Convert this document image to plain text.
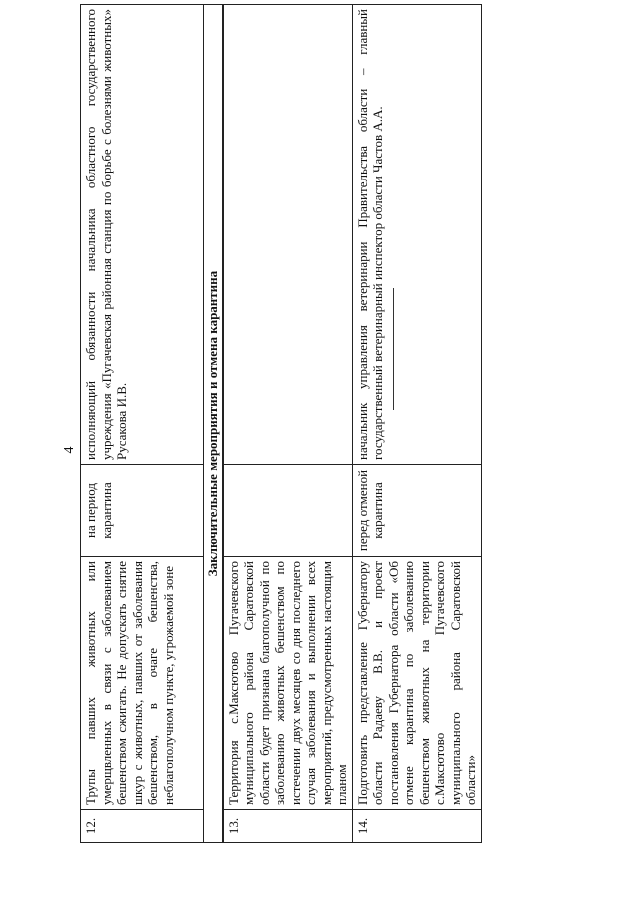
4
12.	Трупы павших животных или умерщвленных в связи с заболеванием бешенством сжигать. Не допускать снятие шкур с животных, павших от заболевания бешенством, в очаге бешенства, неблагополучном пункте, угрожаемой зоне	на период карантина	исполняющий обязанности начальника областного государственного учреждения «Пугачевская районная станция по борьбе с болезнями животных» Русакова И.В.
Заключительные мероприятия и отмена карантина			
13.	Территория с.Максютово Пугачевского муниципального района Саратовской области будет признана благополучной по заболеванию животных бешенством по истечении двух месяцев со дня последнего случая заболевания и выполнении всех мероприятий, предусмотренных настоящим планом		
14.	Подготовить представление Губернатору области Радаеву В.В. и проект постановления Губернатора области «Об отмене карантина по заболеванию бешенством животных на территории с.Максютово Пугачевского муниципального района Саратовской области»	перед отменой карантина	начальник управления ветеринарии Правительства области – главный государственный ветеринарный инспектор области Частов А.А.
